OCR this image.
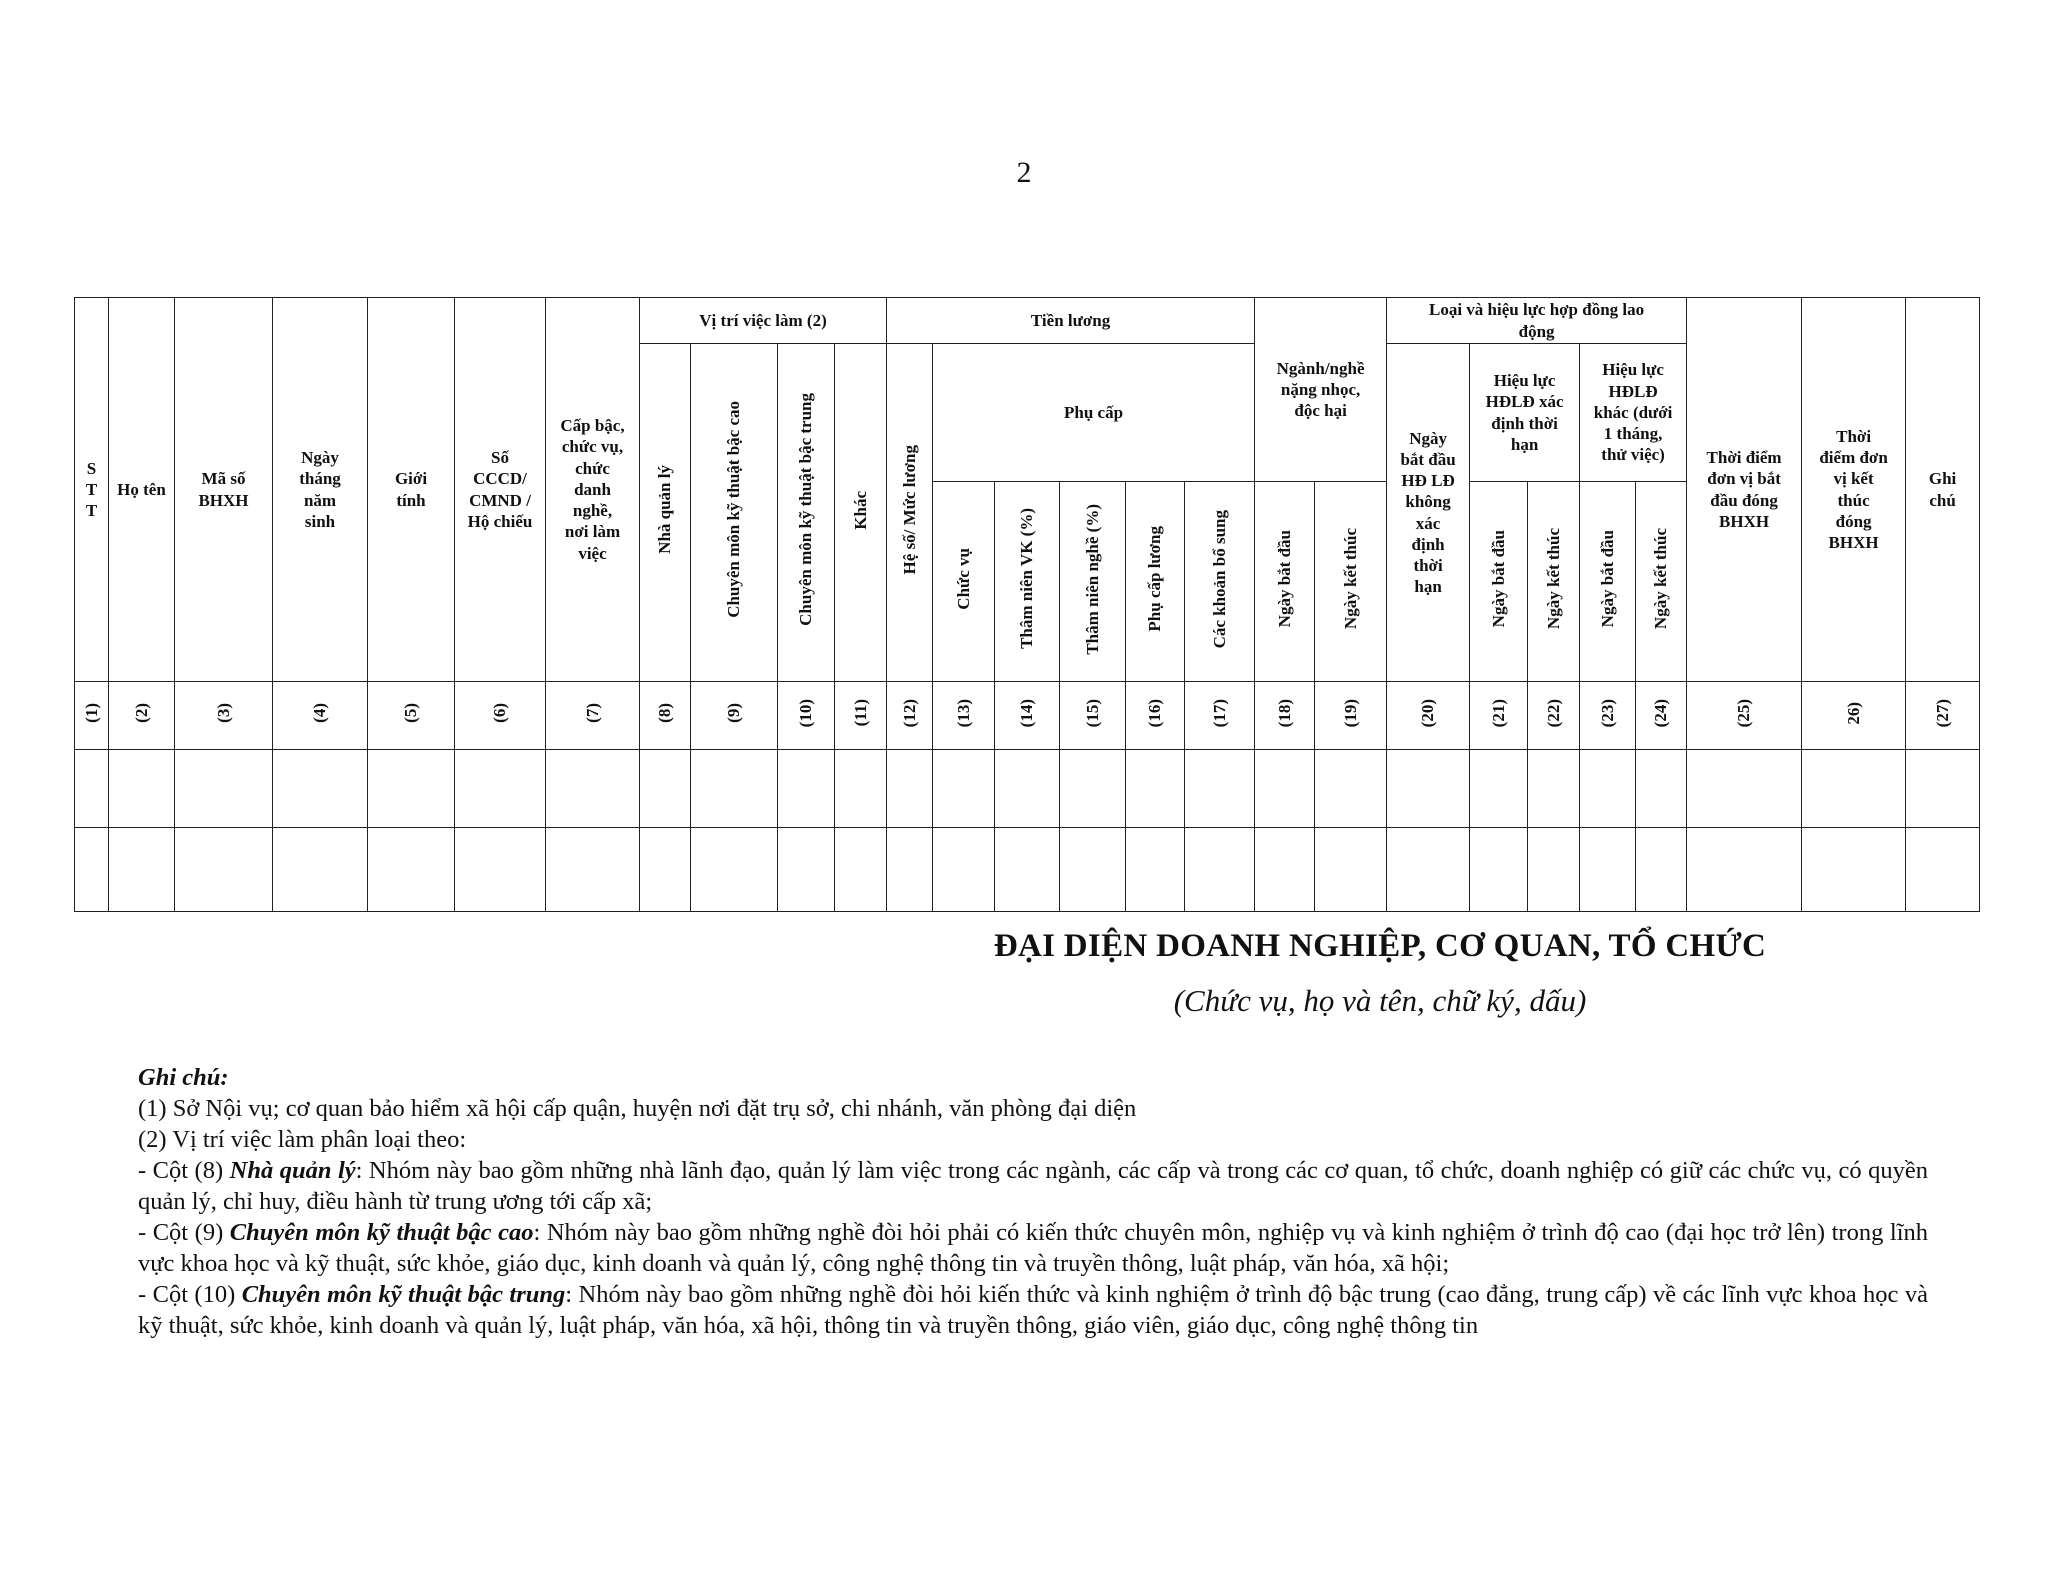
2
S T T	Họ tên	Mã số BHXH	Ngày tháng năm sinh	Giới tính	Số CCCD/ CMND / Hộ chiếu	Cấp bậc, chức vụ, chức danh nghề, nơi làm việc	Vị trí việc làm (2)				Tiền lương						Ngành/nghề nặng nhọc, độc hại		Loại và hiệu lực hợp đồng lao động					Thời điểm đơn vị bắt đầu đóng BHXH	Thời điểm đơn vị kết thúc đóng BHXH	Ghi chú
							Nhà quản lý	Chuyên môn kỹ thuật bậc cao	Chuyên môn kỹ thuật bậc trung	Khác	Hệ số/ Mức lương	Phụ cấp							Ngày bắt đầu HĐ LĐ không xác định thời hạn	Hiệu lực HĐLĐ xác định thời hạn		Hiệu lực HĐLĐ khác (dưới 1 tháng, thử việc)				
												Chức vụ	Thâm niên VK (%)	Thâm niên nghề (%)	Phụ cấp lương	Các khoản bổ sung	Ngày bắt đầu	Ngày kết thúc		Ngày bắt đầu	Ngày kết thúc	Ngày bắt đầu	Ngày kết thúc			
(1)	(2)	(3)	(4)	(5)	(6)	(7)	(8)	(9)	(10)	(11)	(12)	(13)	(14)	(15)	(16)	(17)	(18)	(19)	(20)	(21)	(22)	(23)	(24)	(25)	26)	(27)

ĐẠI DIỆN DOANH NGHIỆP, CƠ QUAN, TỔ CHỨC
(Chức vụ, họ và tên, chữ ký, dấu)

Ghi chú:

(1) Sở Nội vụ; cơ quan bảo hiểm xã hội cấp quận, huyện nơi đặt trụ sở, chi nhánh, văn phòng đại diện

(2) Vị trí việc làm phân loại theo:

- Cột (8) Nhà quản lý: Nhóm này bao gồm những nhà lãnh đạo, quản lý làm việc trong các ngành, các cấp và trong các cơ quan, tổ chức, doanh nghiệp có giữ các chức vụ, có quyền quản lý, chỉ huy, điều hành từ trung ương tới cấp xã;

- Cột (9) Chuyên môn kỹ thuật bậc cao: Nhóm này bao gồm những nghề đòi hỏi phải có kiến thức chuyên môn, nghiệp vụ và kinh nghiệm ở trình độ cao (đại học trở lên) trong lĩnh vực khoa học và kỹ thuật, sức khỏe, giáo dục, kinh doanh và quản lý, công nghệ thông tin và truyền thông, luật pháp, văn hóa, xã hội;

- Cột (10) Chuyên môn kỹ thuật bậc trung: Nhóm này bao gồm những nghề đòi hỏi kiến thức và kinh nghiệm ở trình độ bậc trung (cao đẳng, trung cấp) về các lĩnh vực khoa học và kỹ thuật, sức khỏe, kinh doanh và quản lý, luật pháp, văn hóa, xã hội, thông tin và truyền thông, giáo viên, giáo dục, công nghệ thông tin
